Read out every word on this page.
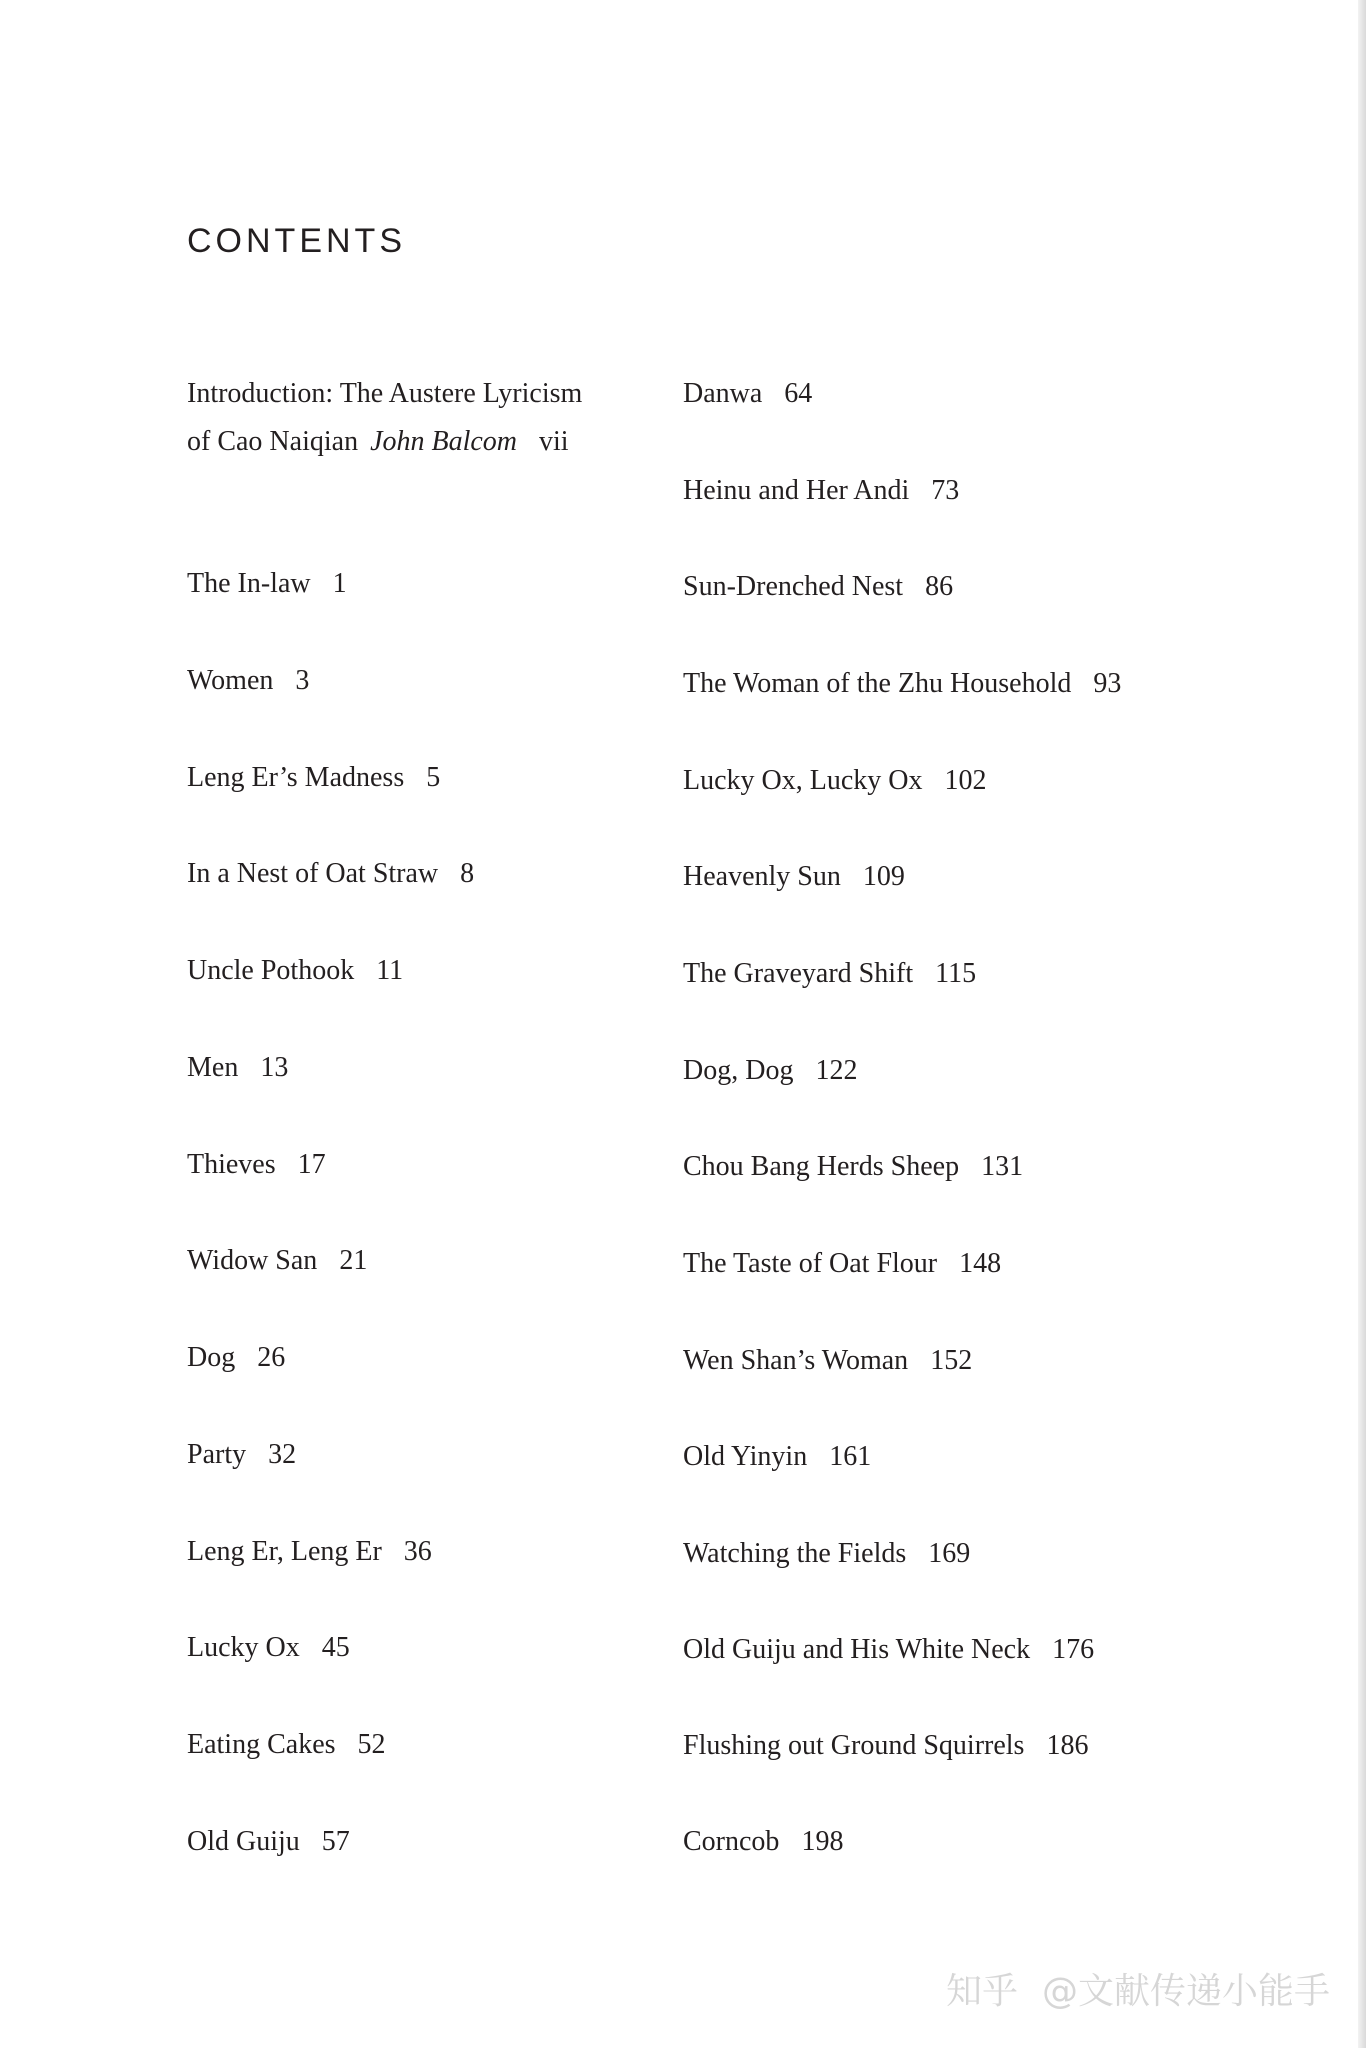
CONTENTS
Introduction: The Austere Lyricism
of Cao Naiqian John Balcom vii
The In-law 1
Women 3
Leng Er’s Madness 5
In a Nest of Oat Straw 8
Uncle Pothook 11
Men 13
Thieves 17
Widow San 21
Dog 26
Party 32
Leng Er, Leng Er 36
Lucky Ox 45
Eating Cakes 52
Old Guiju 57
Danwa 64
Heinu and Her Andi 73
Sun-Drenched Nest 86
The Woman of the Zhu Household 93
Lucky Ox, Lucky Ox 102
Heavenly Sun 109
The Graveyard Shift 115
Dog, Dog 122
Chou Bang Herds Sheep 131
The Taste of Oat Flour 148
Wen Shan’s Woman 152
Old Yinyin 161
Watching the Fields 169
Old Guiju and His White Neck 176
Flushing out Ground Squirrels 186
Corncob 198
知乎 @文献传递小能手
